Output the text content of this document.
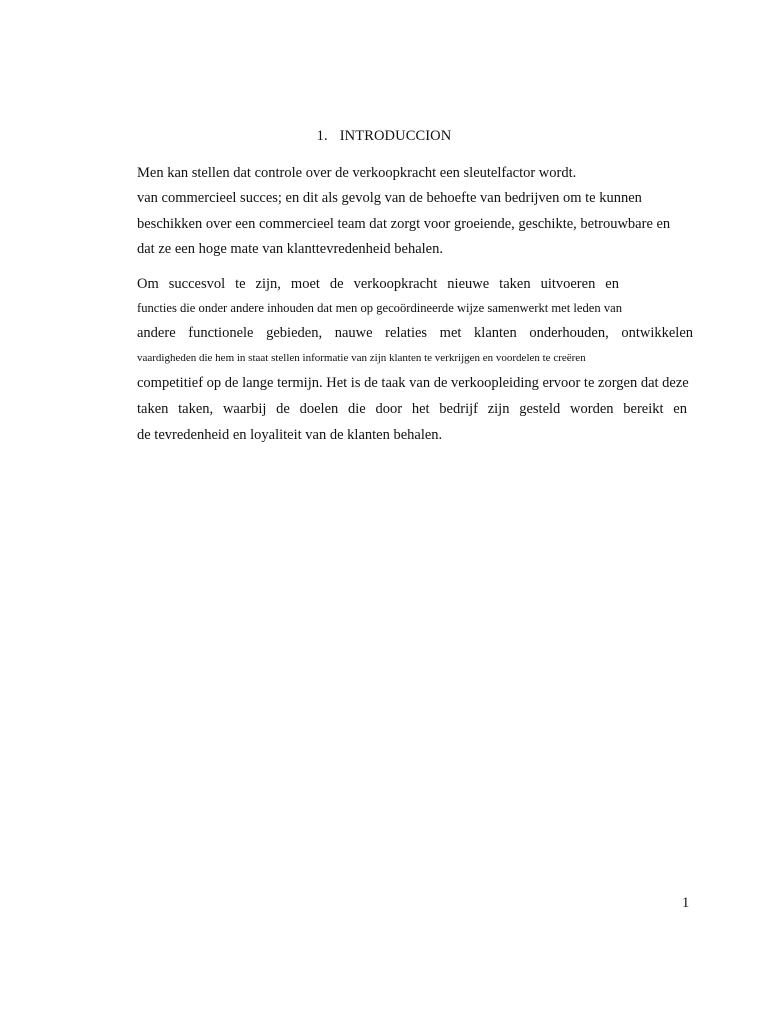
1. INTRODUCCION
Men kan stellen dat controle over de verkoopkracht een sleutelfactor wordt.
van commercieel succes; en dit als gevolg van de behoefte van bedrijven om te kunnen
beschikken over een commercieel team dat zorgt voor groeiende, geschikte, betrouwbare en
dat ze een hoge mate van klanttevredenheid behalen.
Om succesvol te zijn, moet de verkoopkracht nieuwe taken uitvoeren en
functies die onder andere inhouden dat men op gecoördineerde wijze samenwerkt met leden van
andere functionele gebieden, nauwe relaties met klanten onderhouden, ontwikkelen
vaardigheden die hem in staat stellen informatie van zijn klanten te verkrijgen en voordelen te creëren
competitief op de lange termijn. Het is de taak van de verkoopleiding ervoor te zorgen dat deze
taken taken, waarbij de doelen die door het bedrijf zijn gesteld worden bereikt en
de tevredenheid en loyaliteit van de klanten behalen.
1
